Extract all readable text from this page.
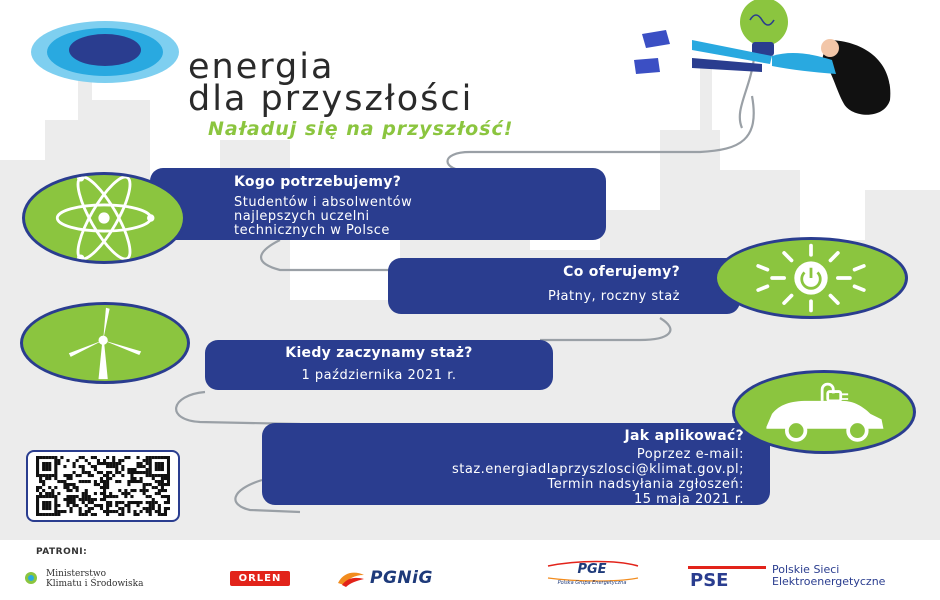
energia
dla przyszłości
Naładuj się na przyszłość!
Kogo potrzebujemy?
Studentów i absolwentów
najlepszych uczelni
technicznych w Polsce
Co oferujemy?
Płatny, roczny staż
Kiedy zaczynamy staż?
1 października 2021 r.
Jak aplikować?
Poprzez e-mail:
staz.energiadlaprzyszlosci@klimat.gov.pl;
Termin nadsyłania zgłoszeń:
15 maja 2021 r.
PATRONI:
Ministerstwo
Klimatu i Środowiska	ORLEN	PGNiG	PGE
Polska Grupa Energetyczna	PSE
Polskie Sieci
Elektroenergetyczne
